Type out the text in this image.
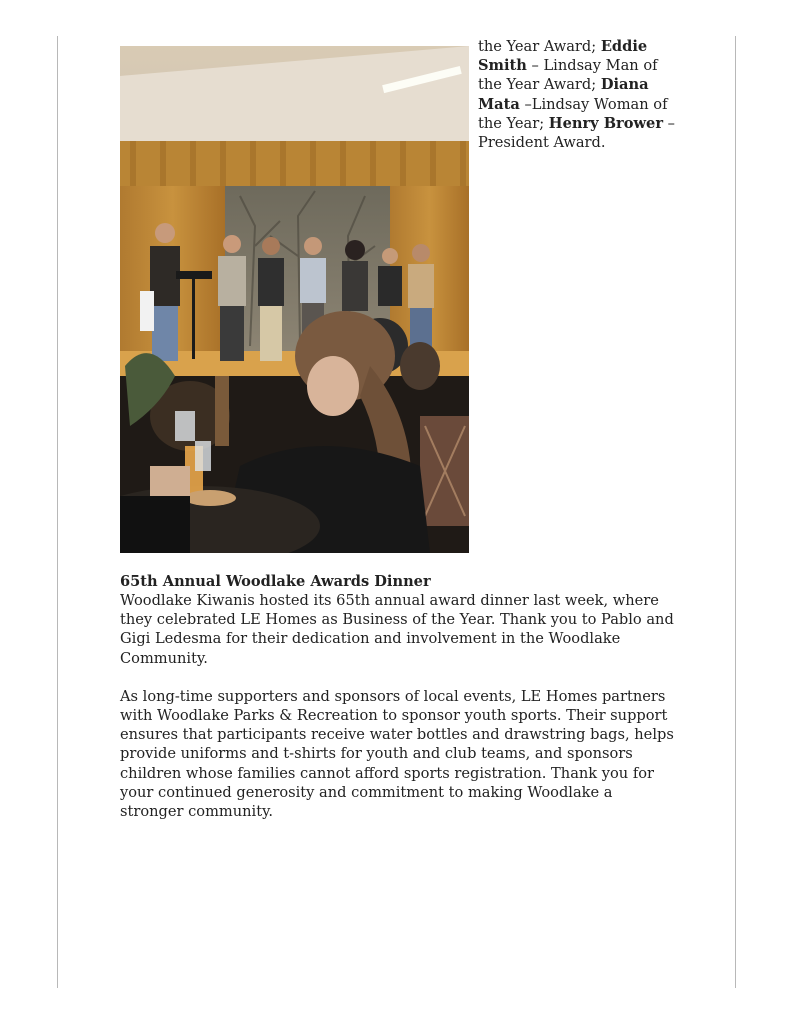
the Year Award; Eddie Smith – Lindsay Man of the Year Award; Diana Mata –Lindsay Woman of the Year; Henry Brower – President Award.
65th Annual Woodlake Awards Dinner

Woodlake Kiwanis hosted its 65th annual award dinner last week, where they celebrated LE Homes as Business of the Year. Thank you to Pablo and Gigi Ledesma for their dedication and involvement in the Woodlake Community.

As long-time supporters and sponsors of local events, LE Homes partners with Woodlake Parks & Recreation to sponsor youth sports. Their support ensures that participants receive water bottles and drawstring bags, helps provide uniforms and t-shirts for youth and club teams, and sponsors children whose families cannot afford sports registration. Thank you for your continued generosity and commitment to making Woodlake a stronger community.
